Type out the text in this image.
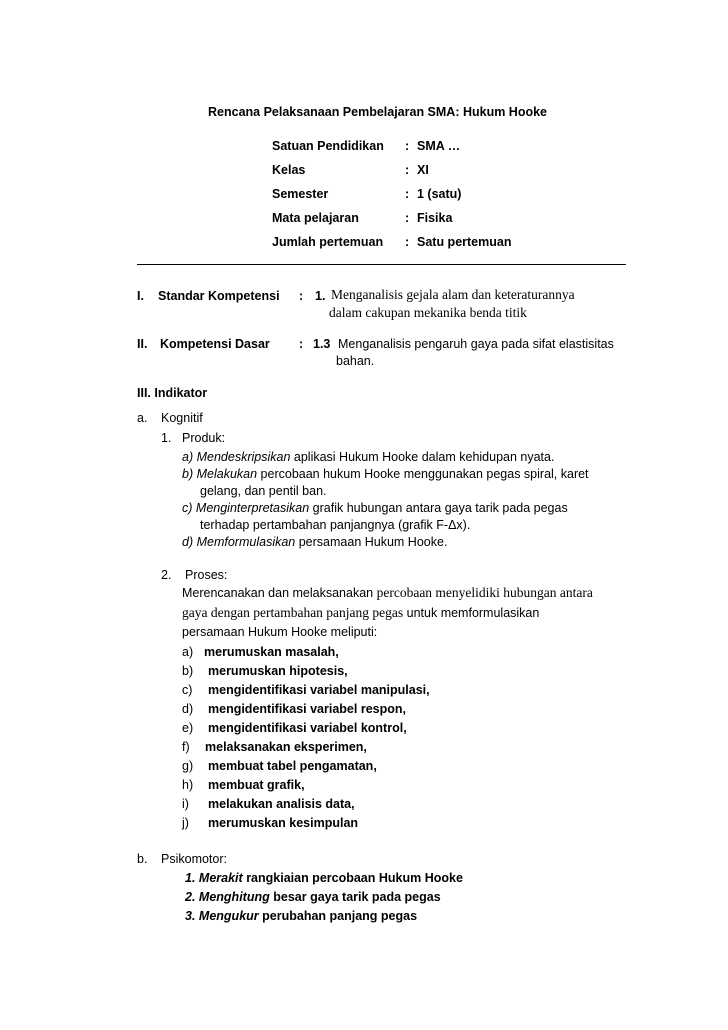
Rencana Pelaksanaan Pembelajaran SMA: Hukum Hooke
Satuan Pendidikan : SMA …
Kelas	: XI
Semester	: 1 (satu)
Mata pelajaran	: Fisika
Jumlah pertemuan : Satu pertemuan
I. Standar Kompetensi : 1. Menganalisis gejala alam dan keteraturannya
dalam cakupan mekanika benda titik
II. Kompetensi Dasar : 1.3 Menganalisis pengaruh gaya pada sifat elastisitas
bahan.
III. Indikator
a. Kognitif
1. Produk:
a) Mendeskripsikan aplikasi Hukum Hooke dalam kehidupan nyata.
b) Melakukan percobaan hukum Hooke menggunakan pegas spiral, karet
gelang, dan pentil ban.
c) Menginterpretasikan grafik hubungan antara gaya tarik pada pegas
terhadap pertambahan panjangnya (grafik F-Δx).
d) Memformulasikan persamaan Hukum Hooke.
2. Proses:
Merencanakan dan melaksanakan percobaan menyelidiki hubungan antara
gaya dengan pertambahan panjang pegas untuk memformulasikan
persamaan Hukum Hooke meliputi:
a) merumuskan masalah,
b) merumuskan hipotesis,
c) mengidentifikasi variabel manipulasi,
d) mengidentifikasi variabel respon,
e) mengidentifikasi variabel kontrol,
f) melaksanakan eksperimen,
g) membuat tabel pengamatan,
h) membuat grafik,
i) melakukan analisis data,
j) merumuskan kesimpulan
b. Psikomotor:
1. Merakit rangkiaian percobaan Hukum Hooke
2. Menghitung besar gaya tarik pada pegas
3. Mengukur perubahan panjang pegas
